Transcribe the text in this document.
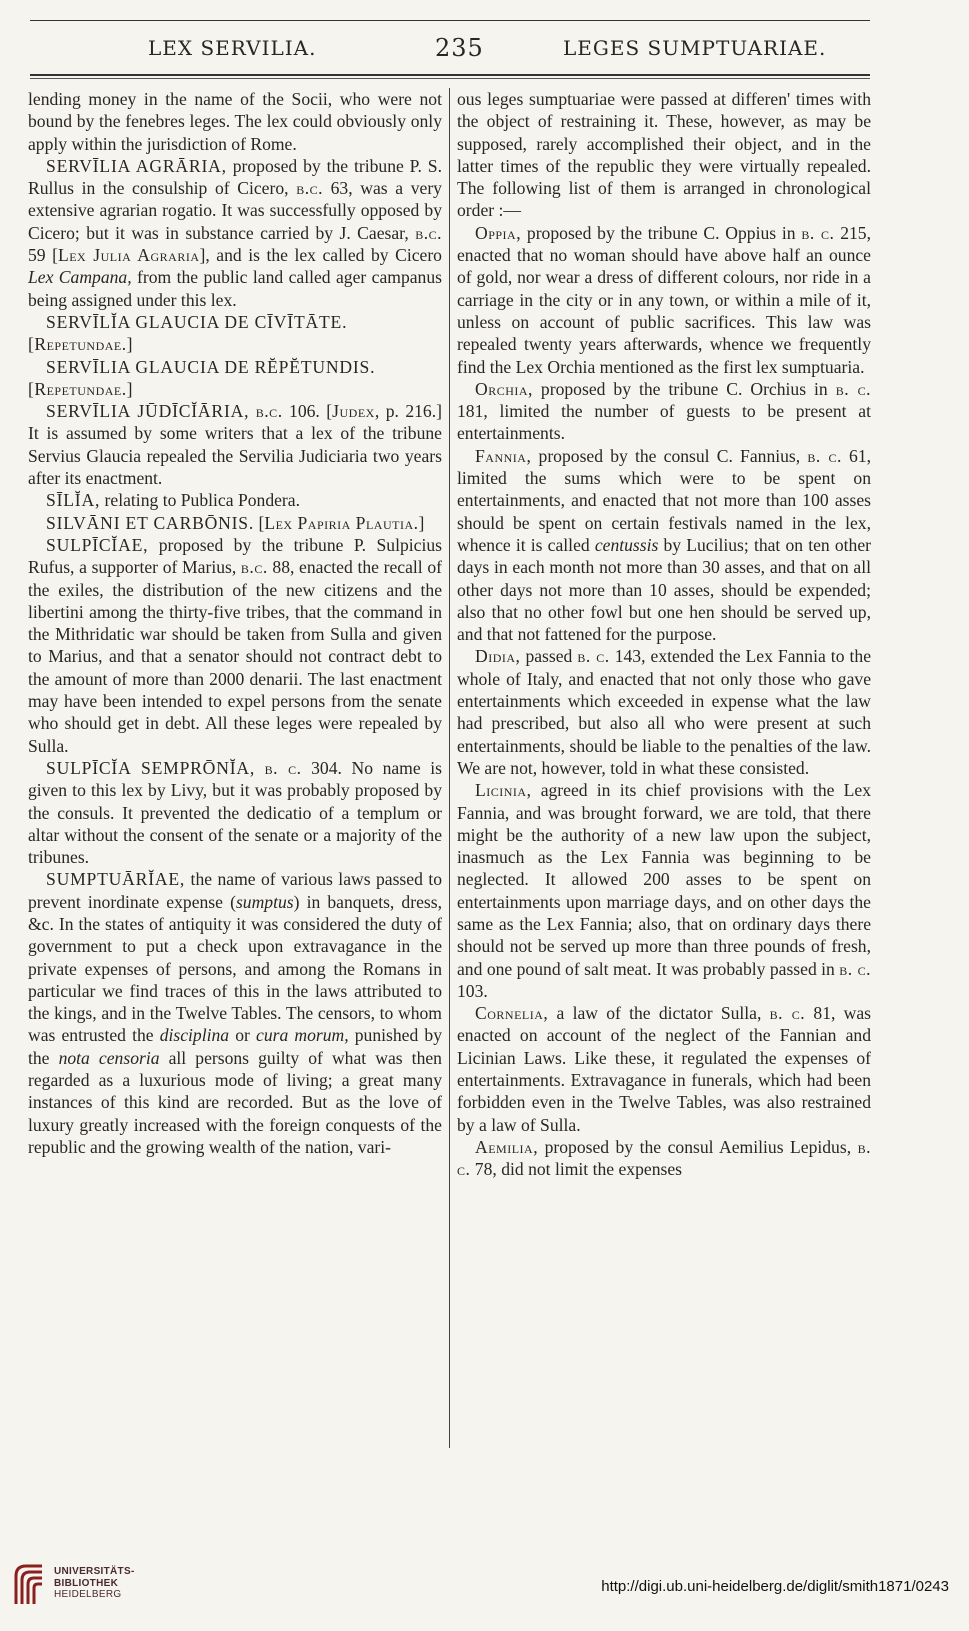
LEX SERVILIA.	235	LEGES SUMPTUARIAE.

lending money in the name of the Socii, who were not bound by the fenebres leges. The lex could obviously only apply within the jurisdiction of Rome.

SERVĪLIA AGRĀRIA, proposed by the tribune P. S. Rullus in the consulship of Cicero, b.c. 63, was a very extensive agrarian rogatio. It was successfully opposed by Cicero; but it was in substance carried by J. Caesar, b.c. 59 [Lex Julia Agraria], and is the lex called by Cicero Lex Campana, from the public land called ager campanus being assigned under this lex.

SERVĪLĬA GLAUCIA DE CĪVĪTĀTE.

[Repetundae.]

SERVĪLIA GLAUCIA DE RĔPĔTUNDIS.

[Repetundae.]

SERVĪLIA JŪDĪCĬĀRIA, b.c. 106. [Judex, p. 216.] It is assumed by some writers that a lex of the tribune Servius Glaucia repealed the Servilia Judiciaria two years after its enactment.

SĪLĬA, relating to Publica Pondera.

SILVĀNI ET CARBŌNIS. [Lex Papiria Plautia.]

SULPĪCĬAE, proposed by the tribune P. Sulpicius Rufus, a supporter of Marius, b.c. 88, enacted the recall of the exiles, the distribution of the new citizens and the libertini among the thirty-five tribes, that the command in the Mithridatic war should be taken from Sulla and given to Marius, and that a senator should not contract debt to the amount of more than 2000 denarii. The last enactment may have been intended to expel persons from the senate who should get in debt. All these leges were repealed by Sulla.

SULPĪCĬA SEMPRŌNĬA, b. c. 304. No name is given to this lex by Livy, but it was probably proposed by the consuls. It prevented the dedicatio of a templum or altar without the consent of the senate or a majority of the tribunes.

SUMPTUĀRĬAE, the name of various laws passed to prevent inordinate expense (sumptus) in banquets, dress, &c. In the states of antiquity it was considered the duty of government to put a check upon extravagance in the private expenses of persons, and among the Romans in particular we find traces of this in the laws attributed to the kings, and in the Twelve Tables. The censors, to whom was entrusted the disciplina or cura morum, punished by the nota censoria all persons guilty of what was then regarded as a luxurious mode of living; a great many instances of this kind are recorded. But as the love of luxury greatly increased with the foreign conquests of the republic and the growing wealth of the nation, vari-

ous leges sumptuariae were passed at differen' times with the object of restraining it. These, however, as may be supposed, rarely accomplished their object, and in the latter times of the republic they were virtually repealed. The following list of them is arranged in chronological order :—

Oppia, proposed by the tribune C. Oppius in b. c. 215, enacted that no woman should have above half an ounce of gold, nor wear a dress of different colours, nor ride in a carriage in the city or in any town, or within a mile of it, unless on account of public sacrifices. This law was repealed twenty years afterwards, whence we frequently find the Lex Orchia mentioned as the first lex sumptuaria.

Orchia, proposed by the tribune C. Orchius in b. c. 181, limited the number of guests to be present at entertainments.

Fannia, proposed by the consul C. Fannius, b. c. 61, limited the sums which were to be spent on entertainments, and enacted that not more than 100 asses should be spent on certain festivals named in the lex, whence it is called centussis by Lucilius; that on ten other days in each month not more than 30 asses, and that on all other days not more than 10 asses, should be expended; also that no other fowl but one hen should be served up, and that not fattened for the purpose.

Didia, passed b. c. 143, extended the Lex Fannia to the whole of Italy, and enacted that not only those who gave entertainments which exceeded in expense what the law had prescribed, but also all who were present at such entertainments, should be liable to the penalties of the law. We are not, however, told in what these consisted.

Licinia, agreed in its chief provisions with the Lex Fannia, and was brought forward, we are told, that there might be the authority of a new law upon the subject, inasmuch as the Lex Fannia was beginning to be neglected. It allowed 200 asses to be spent on entertainments upon marriage days, and on other days the same as the Lex Fannia; also, that on ordinary days there should not be served up more than three pounds of fresh, and one pound of salt meat. It was probably passed in b. c. 103.

Cornelia, a law of the dictator Sulla, b. c. 81, was enacted on account of the neglect of the Fannian and Licinian Laws. Like these, it regulated the expenses of entertainments. Extravagance in funerals, which had been forbidden even in the Twelve Tables, was also restrained by a law of Sulla.

Aemilia, proposed by the consul Aemilius Lepidus, b. c. 78, did not limit the expenses

UNIVERSITÄTS-
BIBLIOTHEK
HEIDELBERG	http://digi.ub.uni-heidelberg.de/diglit/smith1871/0243
